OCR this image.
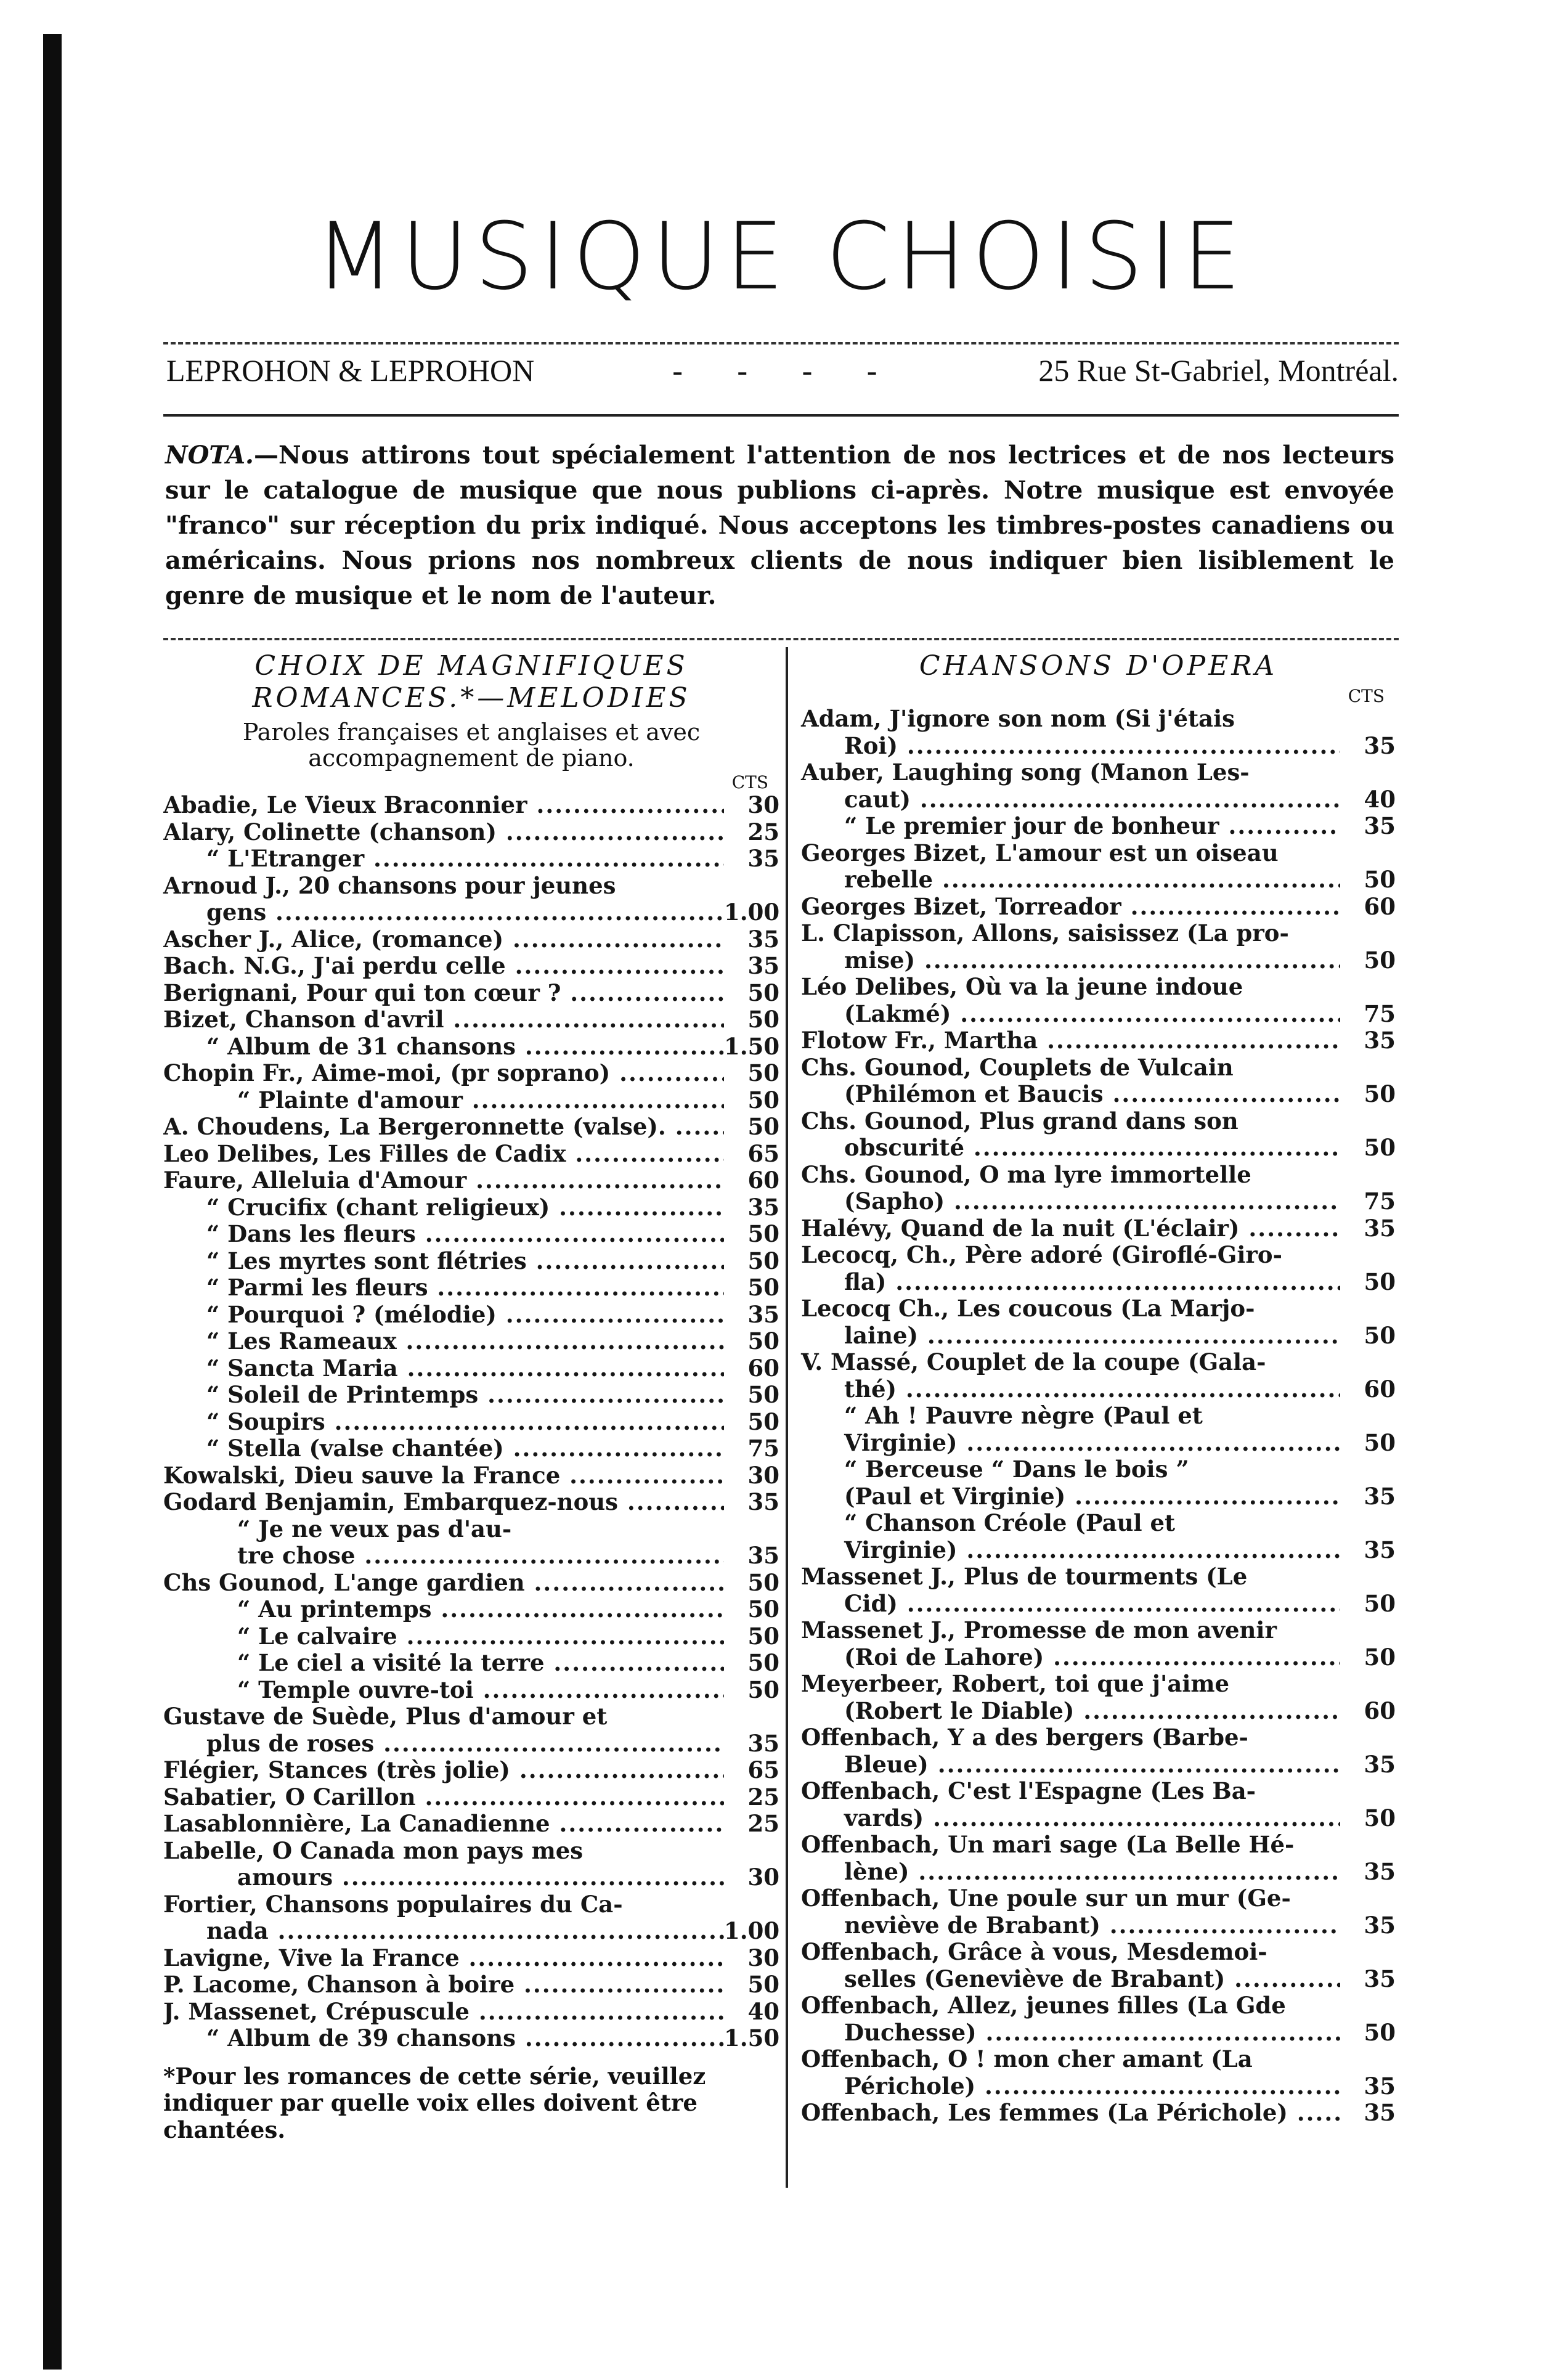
MUSIQUE CHOISIE
LEPROHON & LEPROHON	- - - -	25 Rue St-Gabriel, Montréal.
NOTA.—Nous attirons tout spécialement l'attention de nos lectrices et de nos lecteurs sur le catalogue de musique que nous publions ci-après. Notre musique est envoyée "franco" sur réception du prix indiqué. Nous acceptons les timbres-postes canadiens ou américains. Nous prions nos nombreux clients de nous indiquer bien lisiblement le genre de musique et le nom de l'auteur.
CHOIX DE MAGNIFIQUES
ROMANCES.*—MELODIES
Paroles françaises et anglaises et avec accompagnement de piano.
CTS
Abadie, Le Vieux Braconnier .....	30
Alary, Colinette (chanson) .....	25
“ L'Etranger .....	35
Arnoud J., 20 chansons pour jeunes
gens .....	1.00
Ascher J., Alice, (romance) .....	35
Bach. N.G., J'ai perdu celle .....	35
Berignani, Pour qui ton cœur ? .....	50
Bizet, Chanson d'avril .....	50
“ Album de 31 chansons .....	1.50
Chopin Fr., Aime-moi, (pr soprano) .....	50
“ Plainte d'amour .....	50
A. Choudens, La Bergeronnette (valse). .....	50
Leo Delibes, Les Filles de Cadix .....	65
Faure, Alleluia d'Amour .....	60
“ Crucifix (chant religieux) .....	35
“ Dans les fleurs .....	50
“ Les myrtes sont flétries .....	50
“ Parmi les fleurs .....	50
“ Pourquoi ? (mélodie) .....	35
“ Les Rameaux .....	50
“ Sancta Maria .....	60
“ Soleil de Printemps .....	50
“ Soupirs .....	50
“ Stella (valse chantée) .....	75
Kowalski, Dieu sauve la France .....	30
Godard Benjamin, Embarquez-nous .....	35
“ Je ne veux pas d'au-
tre chose .....	35
Chs Gounod, L'ange gardien .....	50
“ Au printemps .....	50
“ Le calvaire .....	50
“ Le ciel a visité la terre .....	50
“ Temple ouvre-toi .....	50
Gustave de Suède, Plus d'amour et
plus de roses .....	35
Flégier, Stances (très jolie) .....	65
Sabatier, O Carillon .....	25
Lasablonnière, La Canadienne .....	25
Labelle, O Canada mon pays mes
amours .....	30
Fortier, Chansons populaires du Ca-
nada .....	1.00
Lavigne, Vive la France .....	30
P. Lacome, Chanson à boire .....	50
J. Massenet, Crépuscule .....	40
“ Album de 39 chansons .....	1.50
*Pour les romances de cette série, veuillez indiquer par quelle voix elles doivent être chantées.
CHANSONS D'OPERA
CTS
Adam, J'ignore son nom (Si j'étais
Roi) .....	35
Auber, Laughing song (Manon Les-
caut) .....	40
“ Le premier jour de bonheur .....	35
Georges Bizet, L'amour est un oiseau
rebelle .....	50
Georges Bizet, Torreador .....	60
L. Clapisson, Allons, saisissez (La pro-
mise) .....	50
Léo Delibes, Où va la jeune indoue
(Lakmé) .....	75
Flotow Fr., Martha .....	35
Chs. Gounod, Couplets de Vulcain
(Philémon et Baucis .....	50
Chs. Gounod, Plus grand dans son
obscurité .....	50
Chs. Gounod, O ma lyre immortelle
(Sapho) .....	75
Halévy, Quand de la nuit (L'éclair) .....	35
Lecocq, Ch., Père adoré (Giroflé-Giro-
fla) .....	50
Lecocq Ch., Les coucous (La Marjo-
laine) .....	50
V. Massé, Couplet de la coupe (Gala-
thé) .....	60
“ Ah ! Pauvre nègre (Paul et
Virginie) .....	50
“ Berceuse “ Dans le bois ”
(Paul et Virginie) .....	35
“ Chanson Créole (Paul et
Virginie) .....	35
Massenet J., Plus de tourments (Le
Cid) .....	50
Massenet J., Promesse de mon avenir
(Roi de Lahore) .....	50
Meyerbeer, Robert, toi que j'aime
(Robert le Diable) .....	60
Offenbach, Y a des bergers (Barbe-
Bleue) .....	35
Offenbach, C'est l'Espagne (Les Ba-
vards) .....	50
Offenbach, Un mari sage (La Belle Hé-
lène) .....	35
Offenbach, Une poule sur un mur (Ge-
neviève de Brabant) .....	35
Offenbach, Grâce à vous, Mesdemoi-
selles (Geneviève de Brabant) .....	35
Offenbach, Allez, jeunes filles (La Gde
Duchesse) .....	50
Offenbach, O ! mon cher amant (La
Périchole) .....	35
Offenbach, Les femmes (La Périchole) .....	35
